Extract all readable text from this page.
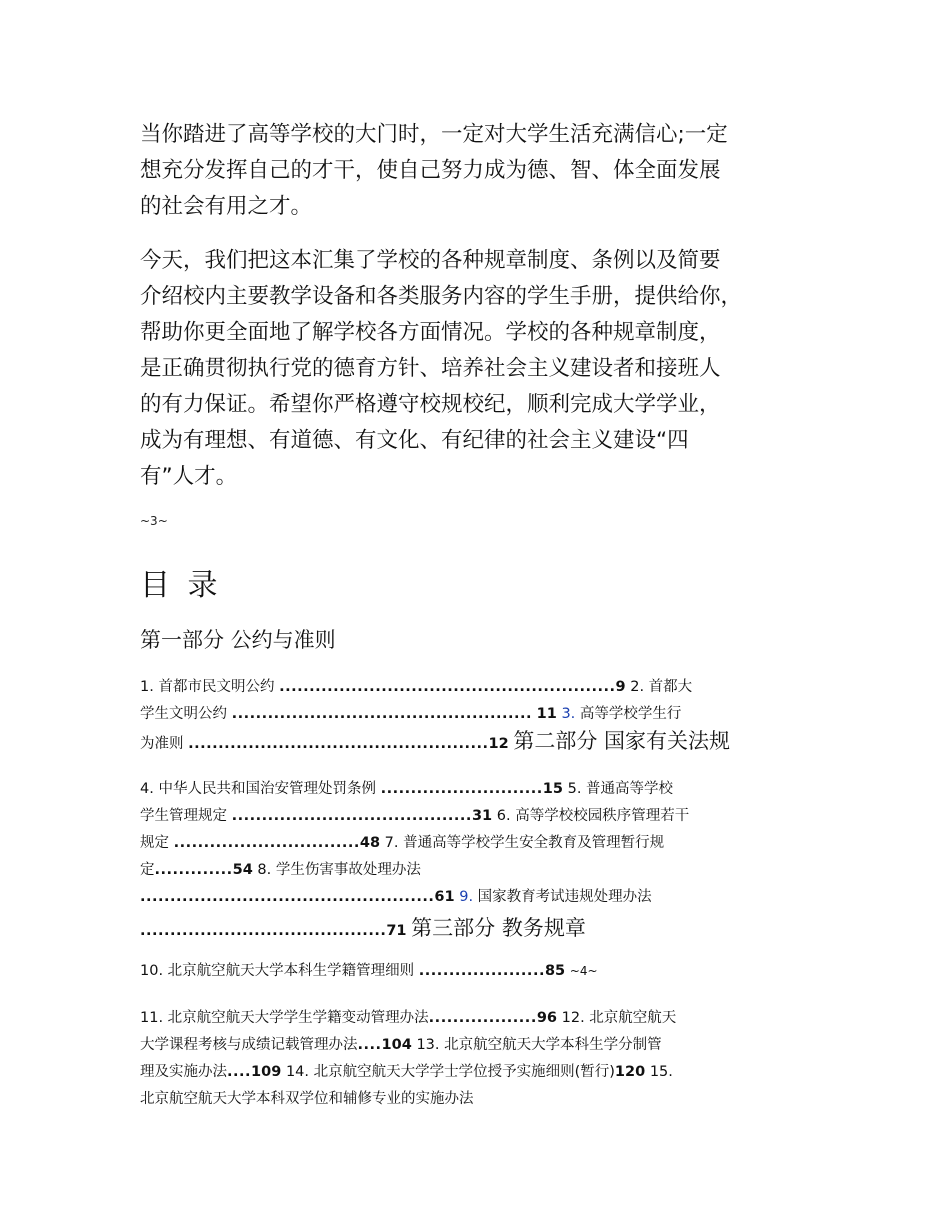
当你踏进了高等学校的大门时，一定对大学生活充满信心;一定
想充分发挥自己的才干，使自己努力成为德、智、体全面发展
的社会有用之才。

今天，我们把这本汇集了学校的各种规章制度、条例以及简要
介绍校内主要教学设备和各类服务内容的学生手册，提供给你，
帮助你更全面地了解学校各方面情况。学校的各种规章制度，
是正确贯彻执行党的德育方针、培养社会主义建设者和接班人
的有力保证。希望你严格遵守校规校纪，顺利完成大学学业，
成为有理想、有道德、有文化、有纪律的社会主义建设“四
有”人才。

~3~
目 录
第一部分 公约与准则
1. 首都市民文明公约 ........................................................9 2. 首都大
学生文明公约 .................................................. 11 3. 高等学校学生行
为准则 ..................................................12 第二部分 国家有关法规
4. 中华人民共和国治安管理处罚条例 ...........................15 5. 普通高等学校
学生管理规定 ........................................31 6. 高等学校校园秩序管理若干
规定 ...............................48 7. 普通高等学校学生安全教育及管理暂行规
定.............54 8. 学生伤害事故处理办法
.................................................61 9. 国家教育考试违规处理办法
.........................................71 第三部分 教务规章
10. 北京航空航天大学本科生学籍管理细则 .....................85 ~4~
11. 北京航空航天大学学生学籍变动管理办法..................96 12. 北京航空航天
大学课程考核与成绩记载管理办法....104 13. 北京航空航天大学本科生学分制管
理及实施办法....109 14. 北京航空航天大学学士学位授予实施细则(暂行)120 15.
北京航空航天大学本科双学位和辅修专业的实施办法
